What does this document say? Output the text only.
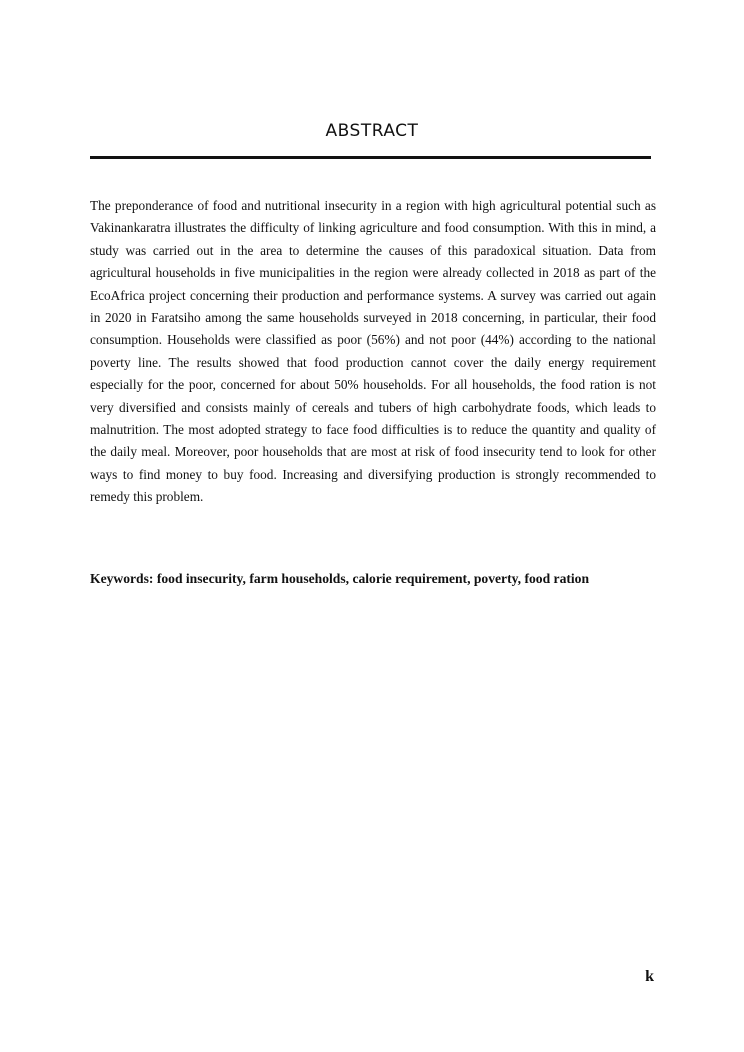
ABSTRACT

The preponderance of food and nutritional insecurity in a region with high agricultural potential such as Vakinankaratra illustrates the difficulty of linking agriculture and food consumption. With this in mind, a study was carried out in the area to determine the causes of this paradoxical situation. Data from agricultural households in five municipalities in the region were already collected in 2018 as part of the EcoAfrica project concerning their production and performance systems. A survey was carried out again in 2020 in Faratsiho among the same households surveyed in 2018 concerning, in particular, their food consumption. Households were classified as poor (56%) and not poor (44%) according to the national poverty line. The results showed that food production cannot cover the daily energy requirement especially for the poor, concerned for about 50% households. For all households, the food ration is not very diversified and consists mainly of cereals and tubers of high carbohydrate foods, which leads to malnutrition. The most adopted strategy to face food difficulties is to reduce the quantity and quality of the daily meal. Moreover, poor households that are most at risk of food insecurity tend to look for other ways to find money to buy food. Increasing and diversifying production is strongly recommended to remedy this problem.

Keywords: food insecurity, farm households, calorie requirement, poverty, food ration

k
